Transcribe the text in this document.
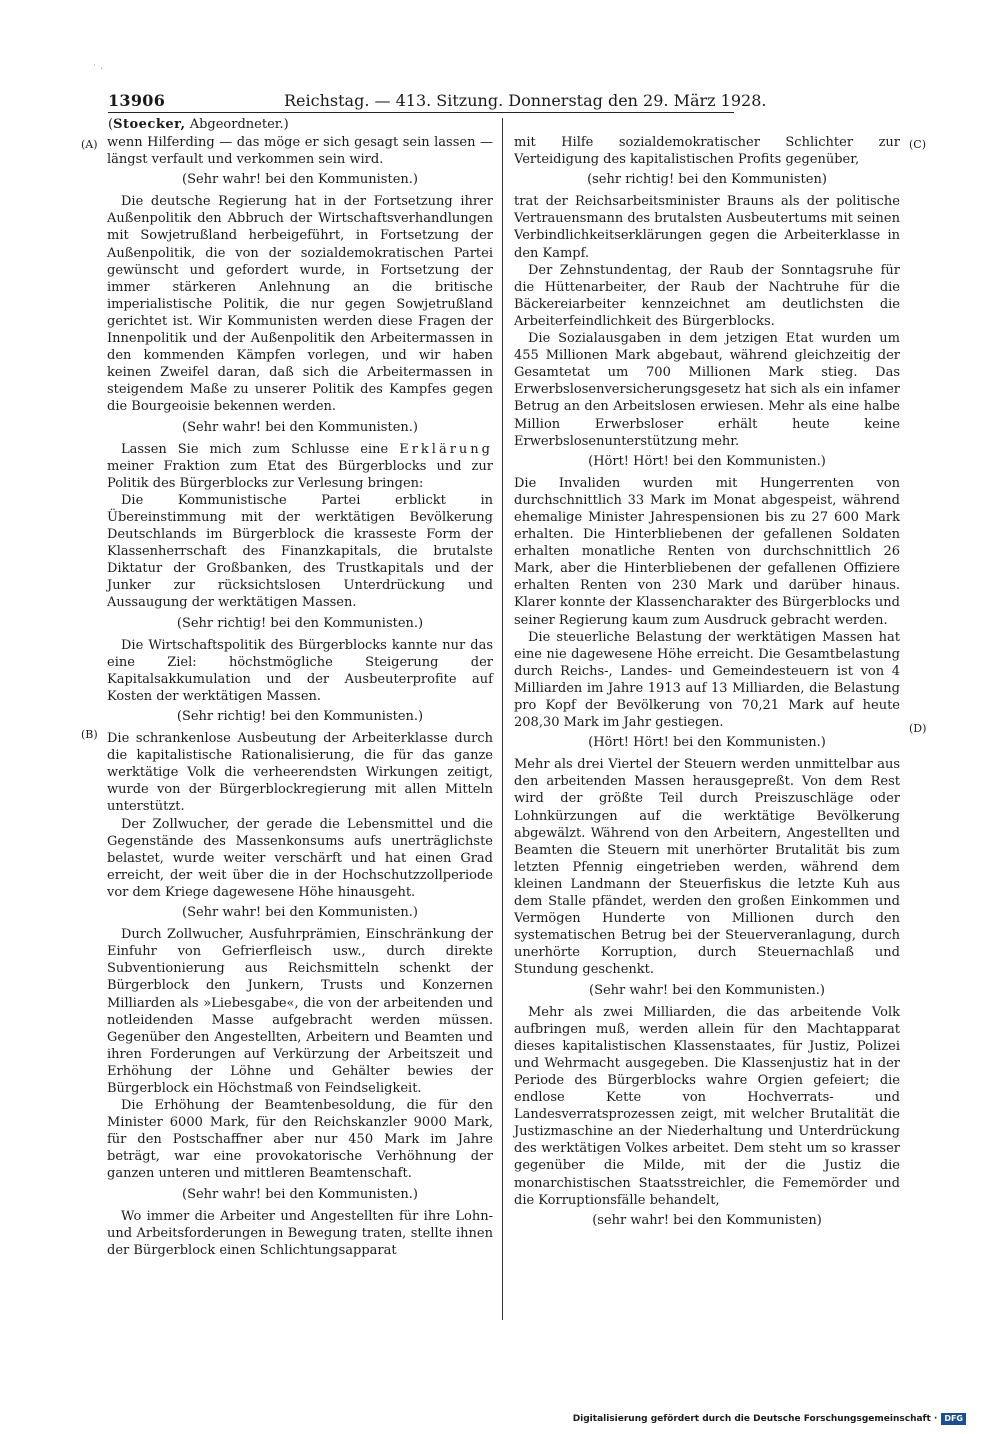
˙ ·
13906	Reichstag. — 413. Sitzung. Donnerstag den 29. März 1928.
(Stoecker, Abgeordneter.)
(A)
(B)
(C)
(D)

wenn Hilferding — das möge er sich gesagt sein lassen — längst verfault und verkommen sein wird.

(Sehr wahr! bei den Kommunisten.)

Die deutsche Regierung hat in der Fortsetzung ihrer Außenpolitik den Abbruch der Wirtschaftsverhandlungen mit Sowjetrußland herbeigeführt, in Fortsetzung der Außenpolitik, die von der sozialdemokratischen Partei gewünscht und gefordert wurde, in Fortsetzung der immer stärkeren Anlehnung an die britische imperialistische Politik, die nur gegen Sowjetrußland gerichtet ist. Wir Kommunisten werden diese Fragen der Innenpolitik und der Außenpolitik den Arbeitermassen in den kommenden Kämpfen vorlegen, und wir haben keinen Zweifel daran, daß sich die Arbeitermassen in steigendem Maße zu unserer Politik des Kampfes gegen die Bourgeoisie bekennen werden.

(Sehr wahr! bei den Kommunisten.)

Lassen Sie mich zum Schlusse eine Erklärung meiner Fraktion zum Etat des Bürgerblocks und zur Politik des Bürgerblocks zur Verlesung bringen:

Die Kommunistische Partei erblickt in Übereinstimmung mit der werktätigen Bevölkerung Deutschlands im Bürgerblock die krasseste Form der Klassenherrschaft des Finanzkapitals, die brutalste Diktatur der Großbanken, des Trustkapitals und der Junker zur rücksichtslosen Unterdrückung und Aussaugung der werktätigen Massen.

(Sehr richtig! bei den Kommunisten.)

Die Wirtschaftspolitik des Bürgerblocks kannte nur das eine Ziel: höchstmögliche Steigerung der Kapitalsakkumulation und der Ausbeuterprofite auf Kosten der werktätigen Massen.

(Sehr richtig! bei den Kommunisten.)

Die schrankenlose Ausbeutung der Arbeiterklasse durch die kapitalistische Rationalisierung, die für das ganze werktätige Volk die verheerendsten Wirkungen zeitigt, wurde von der Bürgerblockregierung mit allen Mitteln unterstützt.

Der Zollwucher, der gerade die Lebensmittel und die Gegenstände des Massenkonsums aufs unerträglichste belastet, wurde weiter verschärft und hat einen Grad erreicht, der weit über die in der Hochschutzzollperiode vor dem Kriege dagewesene Höhe hinausgeht.

(Sehr wahr! bei den Kommunisten.)

Durch Zollwucher, Ausfuhrprämien, Einschränkung der Einfuhr von Gefrierfleisch usw., durch direkte Subventionierung aus Reichsmitteln schenkt der Bürgerblock den Junkern, Trusts und Konzernen Milliarden als »Liebesgabe«, die von der arbeitenden und notleidenden Masse aufgebracht werden müssen. Gegenüber den Angestellten, Arbeitern und Beamten und ihren Forderungen auf Verkürzung der Arbeitszeit und Erhöhung der Löhne und Gehälter bewies der Bürgerblock ein Höchstmaß von Feindseligkeit.

Die Erhöhung der Beamtenbesoldung, die für den Minister 6000 Mark, für den Reichskanzler 9000 Mark, für den Postschaffner aber nur 450 Mark im Jahre beträgt, war eine provokatorische Verhöhnung der ganzen unteren und mittleren Beamtenschaft.

(Sehr wahr! bei den Kommunisten.)

Wo immer die Arbeiter und Angestellten für ihre Lohn- und Arbeitsforderungen in Bewegung traten, stellte ihnen der Bürgerblock einen Schlichtungsapparat

mit Hilfe sozialdemokratischer Schlichter zur Verteidigung des kapitalistischen Profits gegenüber,

(sehr richtig! bei den Kommunisten)

trat der Reichsarbeitsminister Brauns als der politische Vertrauensmann des brutalsten Ausbeutertums mit seinen Verbindlichkeitserklärungen gegen die Arbeiterklasse in den Kampf.

Der Zehnstundentag, der Raub der Sonntagsruhe für die Hüttenarbeiter, der Raub der Nachtruhe für die Bäckereiarbeiter kennzeichnet am deutlichsten die Arbeiterfeindlichkeit des Bürgerblocks.

Die Sozialausgaben in dem jetzigen Etat wurden um 455 Millionen Mark abgebaut, während gleichzeitig der Gesamtetat um 700 Millionen Mark stieg. Das Erwerbslosenversicherungsgesetz hat sich als ein infamer Betrug an den Arbeitslosen erwiesen. Mehr als eine halbe Million Erwerbsloser erhält heute keine Erwerbslosenunterstützung mehr.

(Hört! Hört! bei den Kommunisten.)

Die Invaliden wurden mit Hungerrenten von durchschnittlich 33 Mark im Monat abgespeist, während ehemalige Minister Jahrespensionen bis zu 27 600 Mark erhalten. Die Hinterbliebenen der gefallenen Soldaten erhalten monatliche Renten von durchschnittlich 26 Mark, aber die Hinterbliebenen der gefallenen Offiziere erhalten Renten von 230 Mark und darüber hinaus. Klarer konnte der Klassencharakter des Bürgerblocks und seiner Regierung kaum zum Ausdruck gebracht werden.

Die steuerliche Belastung der werktätigen Massen hat eine nie dagewesene Höhe erreicht. Die Gesamtbelastung durch Reichs-, Landes- und Gemeindesteuern ist von 4 Milliarden im Jahre 1913 auf 13 Milliarden, die Belastung pro Kopf der Bevölkerung von 70,21 Mark auf heute 208,30 Mark im Jahr gestiegen.

(Hört! Hört! bei den Kommunisten.)

Mehr als drei Viertel der Steuern werden unmittelbar aus den arbeitenden Massen herausgepreßt. Von dem Rest wird der größte Teil durch Preiszuschläge oder Lohnkürzungen auf die werktätige Bevölkerung abgewälzt. Während von den Arbeitern, Angestellten und Beamten die Steuern mit unerhörter Brutalität bis zum letzten Pfennig eingetrieben werden, während dem kleinen Landmann der Steuerfiskus die letzte Kuh aus dem Stalle pfändet, werden den großen Einkommen und Vermögen Hunderte von Millionen durch den systematischen Betrug bei der Steuerveranlagung, durch unerhörte Korruption, durch Steuernachlaß und Stundung geschenkt.

(Sehr wahr! bei den Kommunisten.)

Mehr als zwei Milliarden, die das arbeitende Volk aufbringen muß, werden allein für den Machtapparat dieses kapitalistischen Klassenstaates, für Justiz, Polizei und Wehrmacht ausgegeben. Die Klassenjustiz hat in der Periode des Bürgerblocks wahre Orgien gefeiert; die endlose Kette von Hochverrats- und Landesverratsprozessen zeigt, mit welcher Brutalität die Justizmaschine an der Niederhaltung und Unterdrückung des werktätigen Volkes arbeitet. Dem steht um so krasser gegenüber die Milde, mit der die Justiz die monarchistischen Staatsstreichler, die Fememörder und die Korruptionsfälle behandelt,

(sehr wahr! bei den Kommunisten)

Digitalisierung gefördert durch die Deutsche Forschungsgemeinschaft · DFG
